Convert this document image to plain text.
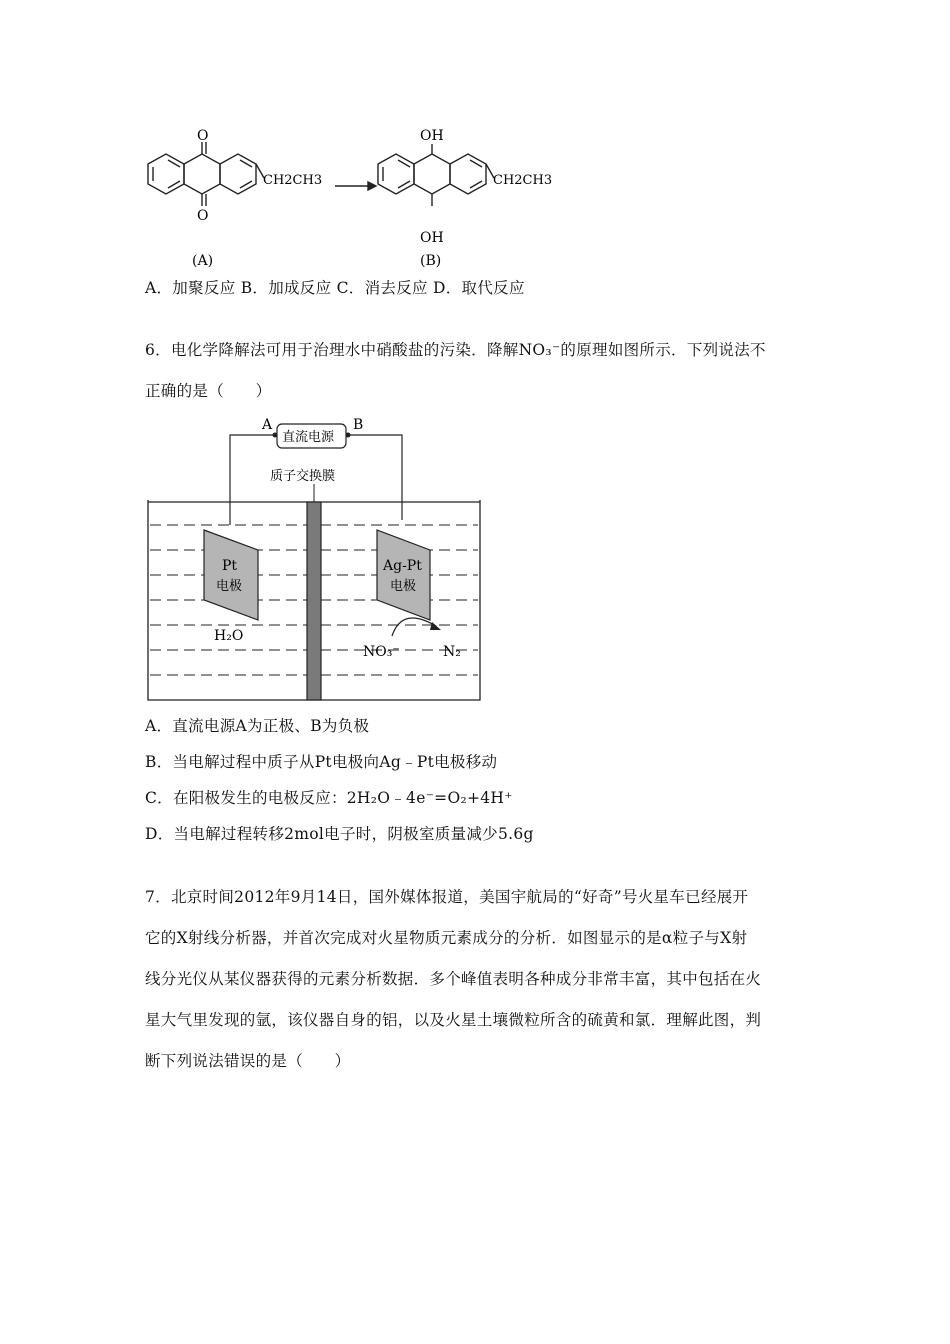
O
O
CH2CH3
(A)
OH
OH
CH2CH3
(B)
A．加聚反应 B．加成反应 C．消去反应 D．取代反应
6．电化学降解法可用于治理水中硝酸盐的污染．降解NO₃⁻的原理如图所示．下列说法不
正确的是（　　）
直流电源
A	B
质子交换膜
Pt
电极
Ag-Pt
电极
H₂O
NO₃⁻	N₂
A．直流电源A为正极、B为负极
B．当电解过程中质子从Pt电极向Ag﹣Pt电极移动
C．在阳极发生的电极反应：2H₂O﹣4e⁻=O₂+4H⁺
D．当电解过程转移2mol电子时，阴极室质量减少5.6g
7．北京时间2012年9月14日，国外媒体报道，美国宇航局的“好奇”号火星车已经展开
它的X射线分析器，并首次完成对火星物质元素成分的分析．如图显示的是α粒子与X射
线分光仪从某仪器获得的元素分析数据．多个峰值表明各种成分非常丰富，其中包括在火
星大气里发现的氩，该仪器自身的铝，以及火星土壤微粒所含的硫黄和氯．理解此图，判
断下列说法错误的是（　　）
